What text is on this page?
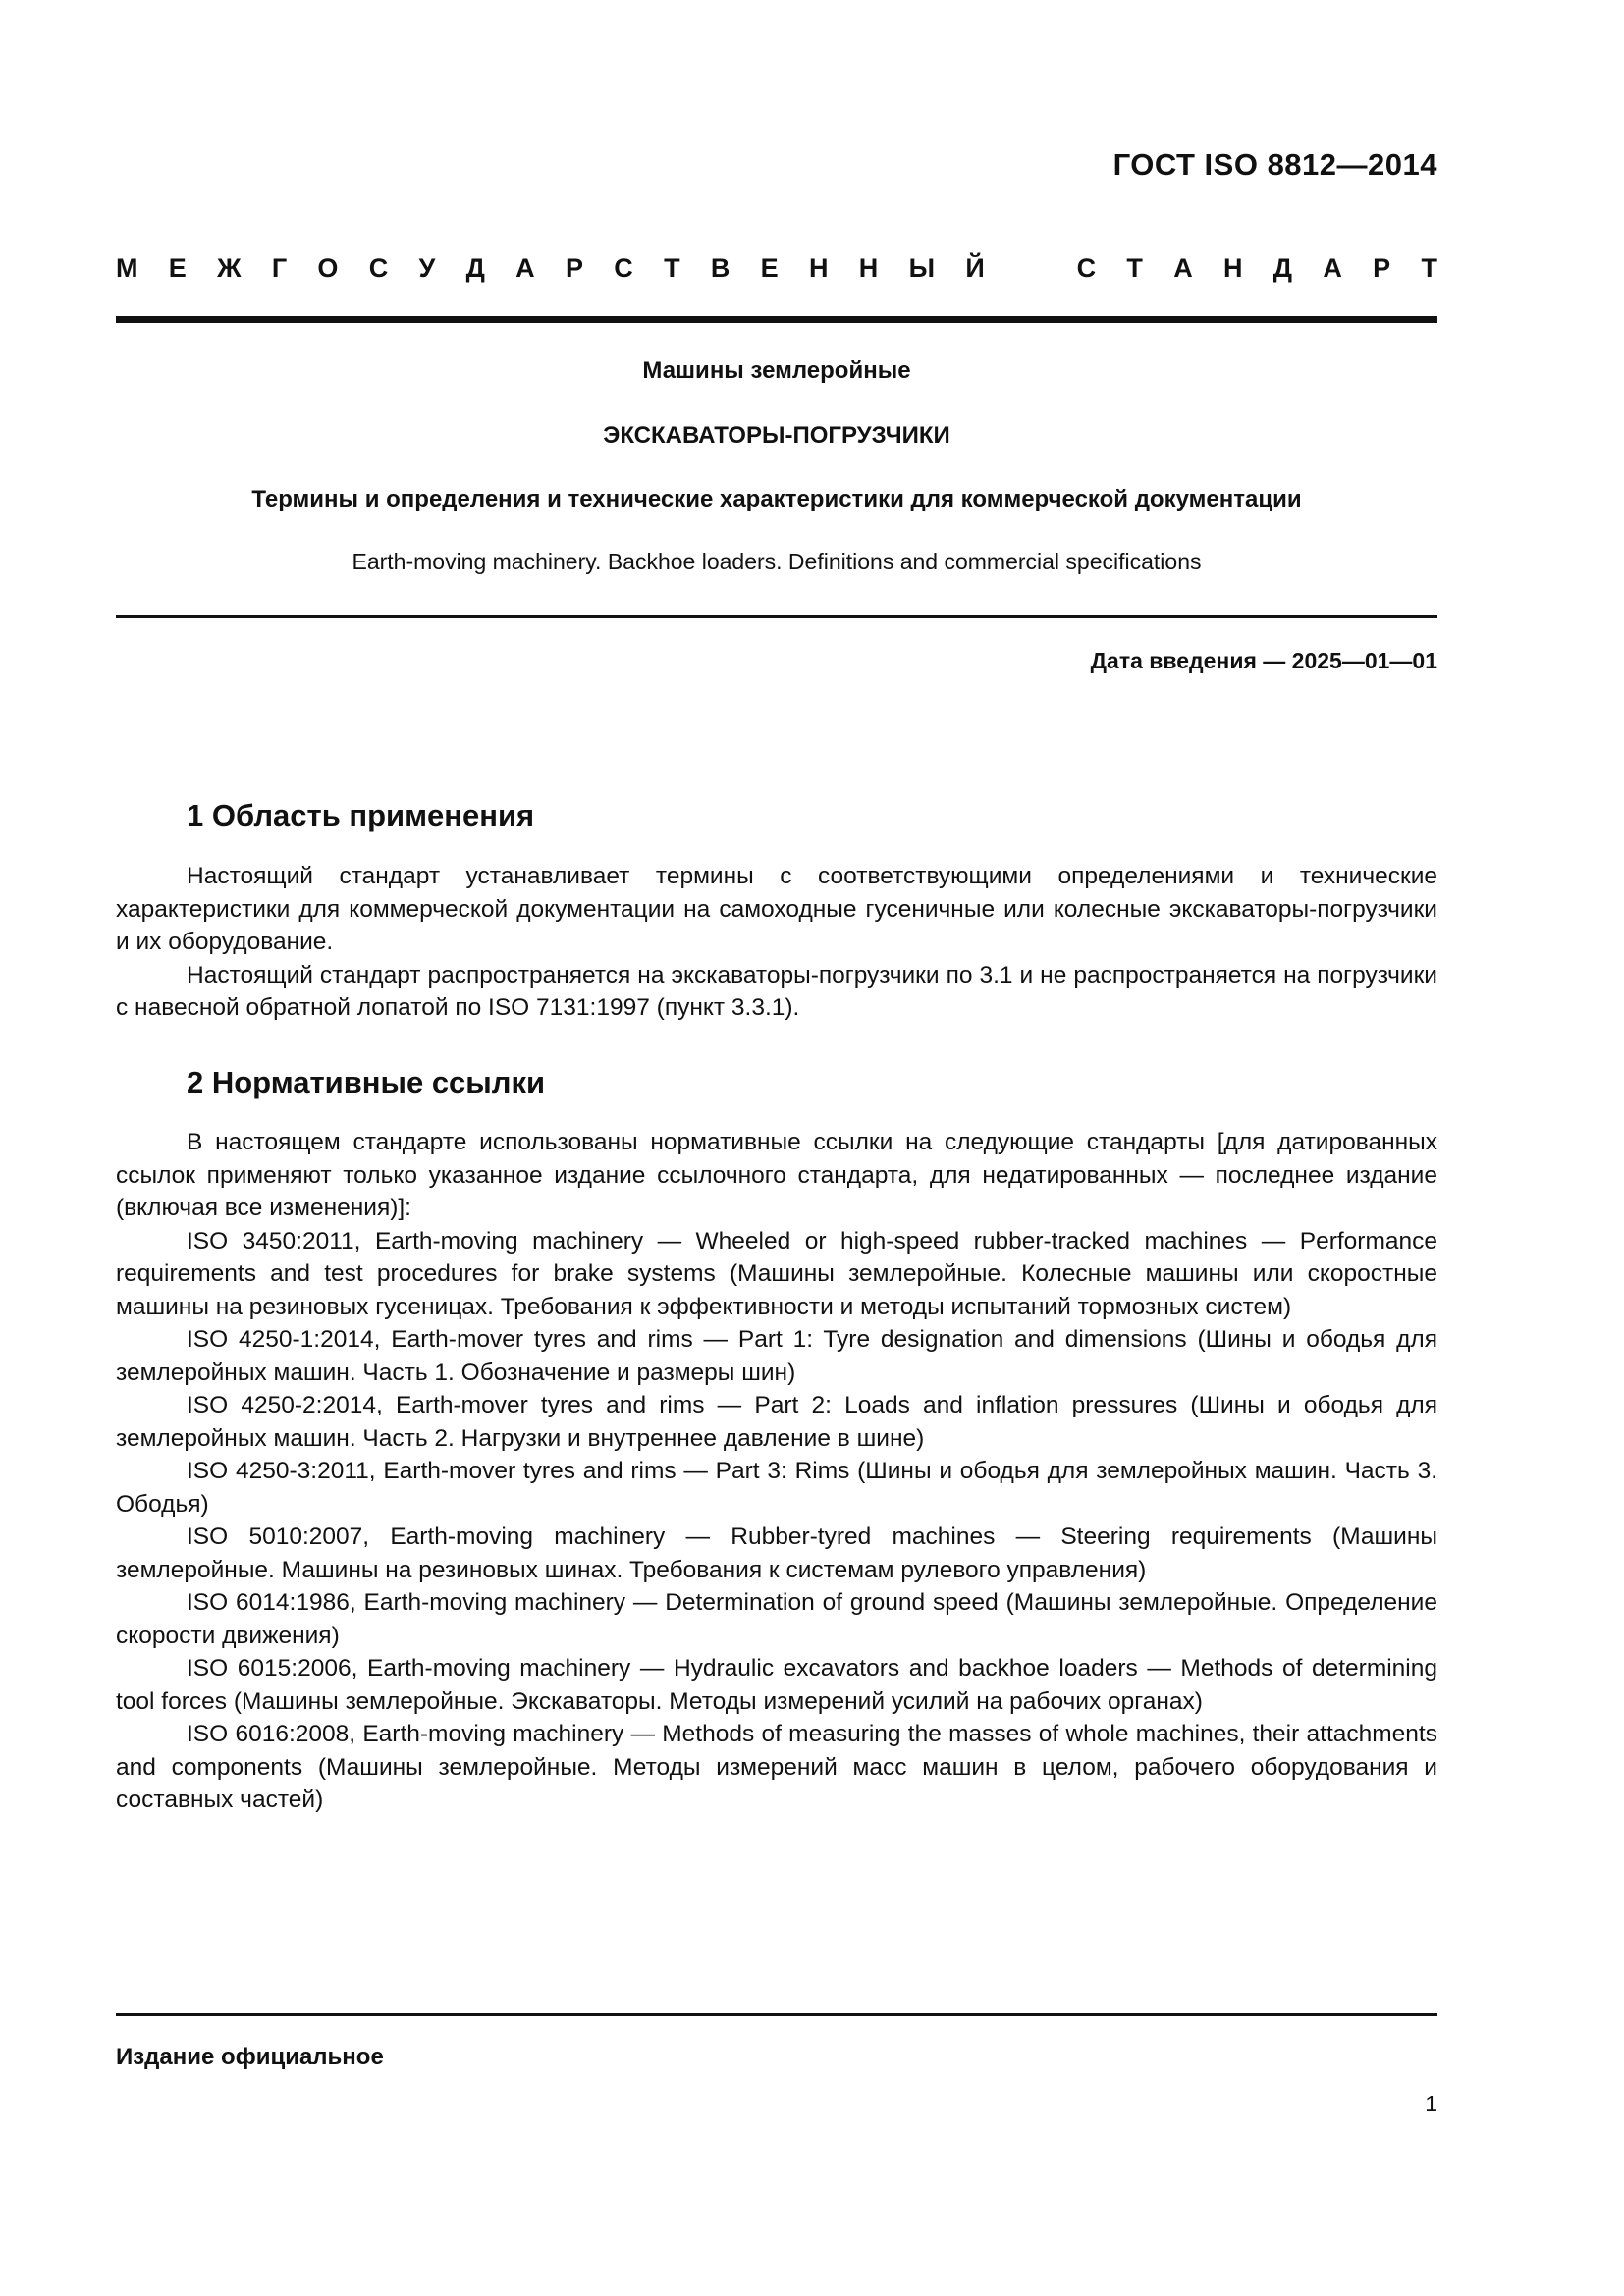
ГОСТ ISO 8812—2014
М Е Ж Г О С У Д А Р С Т В Е Н Н Ы Й	С Т А Н Д А Р Т
Машины землеройные
ЭКСКАВАТОРЫ-ПОГРУЗЧИКИ
Термины и определения и технические характеристики для коммерческой документации
Earth-moving machinery. Backhoe loaders. Definitions and commercial specifications
Дата введения — 2025—01—01
1 Область применения

Настоящий стандарт устанавливает термины с соответствующими определениями и технические характеристики для коммерческой документации на самоходные гусеничные или колесные экскаваторы-погрузчики и их оборудование.

Настоящий стандарт распространяется на экскаваторы-погрузчики по 3.1 и не распространяется на погрузчики с навесной обратной лопатой по ISO 7131:1997 (пункт 3.3.1).

2 Нормативные ссылки

В настоящем стандарте использованы нормативные ссылки на следующие стандарты [для датированных ссылок применяют только указанное издание ссылочного стандарта, для недатированных — последнее издание (включая все изменения)]:

ISO 3450:2011, Earth-moving machinery — Wheeled or high-speed rubber-tracked machines — Performance requirements and test procedures for brake systems (Машины землеройные. Колесные машины или скоростные машины на резиновых гусеницах. Требования к эффективности и методы испытаний тормозных систем)

ISO 4250-1:2014, Earth-mover tyres and rims — Part 1: Tyre designation and dimensions (Шины и ободья для землеройных машин. Часть 1. Обозначение и размеры шин)

ISO 4250-2:2014, Earth-mover tyres and rims — Part 2: Loads and inflation pressures (Шины и ободья для землеройных машин. Часть 2. Нагрузки и внутреннее давление в шине)

ISO 4250-3:2011, Earth-mover tyres and rims — Part 3: Rims (Шины и ободья для землеройных машин. Часть 3. Ободья)

ISO 5010:2007, Earth-moving machinery — Rubber-tyred machines — Steering requirements (Машины землеройные. Машины на резиновых шинах. Требования к системам рулевого управления)

ISO 6014:1986, Earth-moving machinery — Determination of ground speed (Машины землеройные. Определение скорости движения)

ISO 6015:2006, Earth-moving machinery — Hydraulic excavators and backhoe loaders — Methods of determining tool forces (Машины землеройные. Экскаваторы. Методы измерений усилий на рабочих органах)

ISO 6016:2008, Earth-moving machinery — Methods of measuring the masses of whole machines, their attachments and components (Машины землеройные. Методы измерений масс машин в целом, рабочего оборудования и составных частей)

Издание официальное
1
